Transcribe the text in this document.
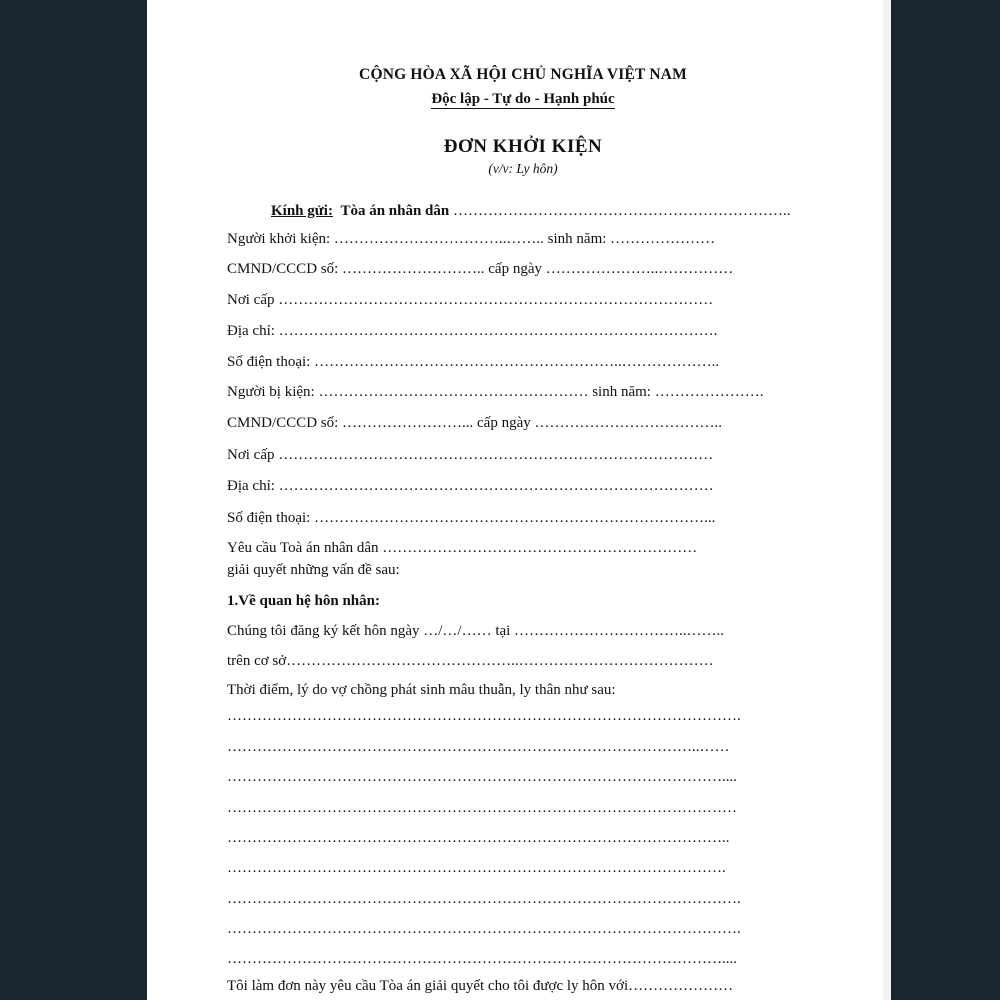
CỘNG HÒA XÃ HỘI CHỦ NGHĨA VIỆT NAM
Độc lập - Tự do - Hạnh phúc
ĐƠN KHỞI KIỆN
(v/v: Ly hôn)
Kính gửi: Tòa án nhân dân …………………………………………………………..
Người khởi kiện: ……………………………..…….. sinh năm: …………………
CMND/CCCD số: ……………………….. cấp ngày …………………..……………
Nơi cấp ……………………………………………………………………………
Địa chỉ: …………………………………………………………………………….
Số điện thoại: ……………………………………………………..………………..
Người bị kiện: ……………………………………………… sinh năm: ………………….
CMND/CCCD số: ……………………... cấp ngày ………………………………..
Nơi cấp ……………………………………………………………………………
Địa chỉ: ……………………………………………………………………………
Số điện thoại: ……………………………………………………………………...
Yêu cầu Toà án nhân dân ………………………………………………………
giải quyết những vấn đề sau:
1.Về quan hệ hôn nhân:
Chúng tôi đăng ký kết hôn ngày …/…/…… tại ……………………………..……..
trên cơ sở………………………………………..…………………………………
Thời điểm, lý do vợ chồng phát sinh mâu thuẫn, ly thân như sau:
………………………………………………………………………………………….
…………………………………………………………………………………..……
………………………………………………………………………………………....
…………………………………………………………………………………………
………………………………………………………………………………………..
……………………………………………………………………………………….
………………………………………………………………………………………….
………………………………………………………………………………………….
………………………………………………………………………………………....
Tôi làm đơn này yêu cầu Tòa án giải quyết cho tôi được ly hôn với…………………
